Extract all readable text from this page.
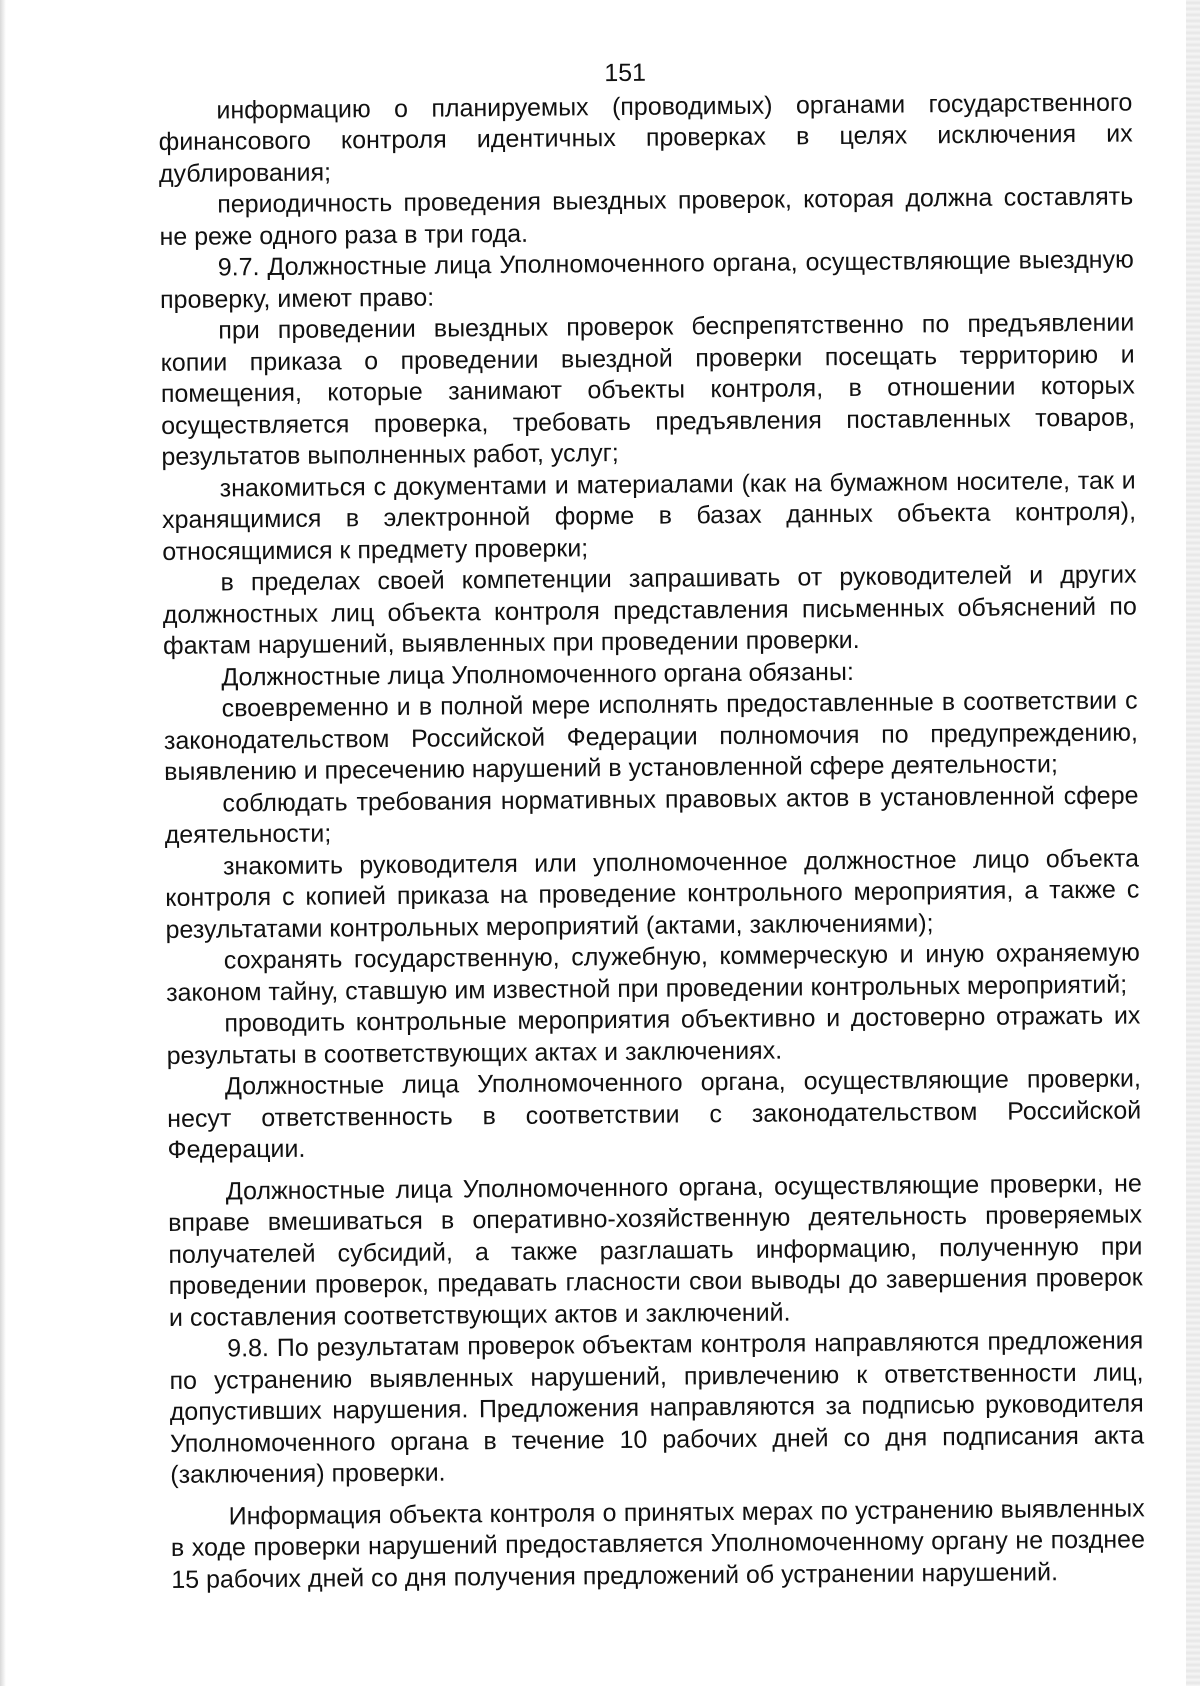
151

информацию о планируемых (проводимых) органами государственного финансового контроля идентичных проверках в целях исключения их дублирования;

периодичность проведения выездных проверок, которая должна составлять не реже одного раза в три года.

9.7. Должностные лица Уполномоченного органа, осуществляющие выездную проверку, имеют право:

при проведении выездных проверок беспрепятственно по предъявлении копии приказа о проведении выездной проверки посещать территорию и помещения, которые занимают объекты контроля, в отношении которых осуществляется проверка, требовать предъявления поставленных товаров, результатов выполненных работ, услуг;

знакомиться с документами и материалами (как на бумажном носителе, так и хранящимися в электронной форме в базах данных объекта контроля), относящимися к предмету проверки;

в пределах своей компетенции запрашивать от руководителей и других должностных лиц объекта контроля представления письменных объяснений по фактам нарушений, выявленных при проведении проверки.

Должностные лица Уполномоченного органа обязаны:

своевременно и в полной мере исполнять предоставленные в соответствии с законодательством Российской Федерации полномочия по предупреждению, выявлению и пресечению нарушений в установленной сфере деятельности;

соблюдать требования нормативных правовых актов в установленной сфере деятельности;

знакомить руководителя или уполномоченное должностное лицо объекта контроля с копией приказа на проведение контрольного мероприятия, а также с результатами контрольных мероприятий (актами, заключениями);

сохранять государственную, служебную, коммерческую и иную охраняемую законом тайну, ставшую им известной при проведении контрольных мероприятий;

проводить контрольные мероприятия объективно и достоверно отражать их результаты в соответствующих актах и заключениях.

Должностные лица Уполномоченного органа, осуществляющие проверки, несут ответственность в соответствии с законодательством Российской Федерации.

Должностные лица Уполномоченного органа, осуществляющие проверки, не вправе вмешиваться в оперативно-хозяйственную деятельность проверяемых получателей субсидий, а также разглашать информацию, полученную при проведении проверок, предавать гласности свои выводы до завершения проверок и составления соответствующих актов и заключений.

9.8. По результатам проверок объектам контроля направляются предложения по устранению выявленных нарушений, привлечению к ответственности лиц, допустивших нарушения. Предложения направляются за подписью руководителя Уполномоченного органа в течение 10 рабочих дней со дня подписания акта (заключения) проверки.

Информация объекта контроля о принятых мерах по устранению выявленных в ходе проверки нарушений предоставляется Уполномоченному органу не позднее 15 рабочих дней со дня получения предложений об устранении нарушений.
